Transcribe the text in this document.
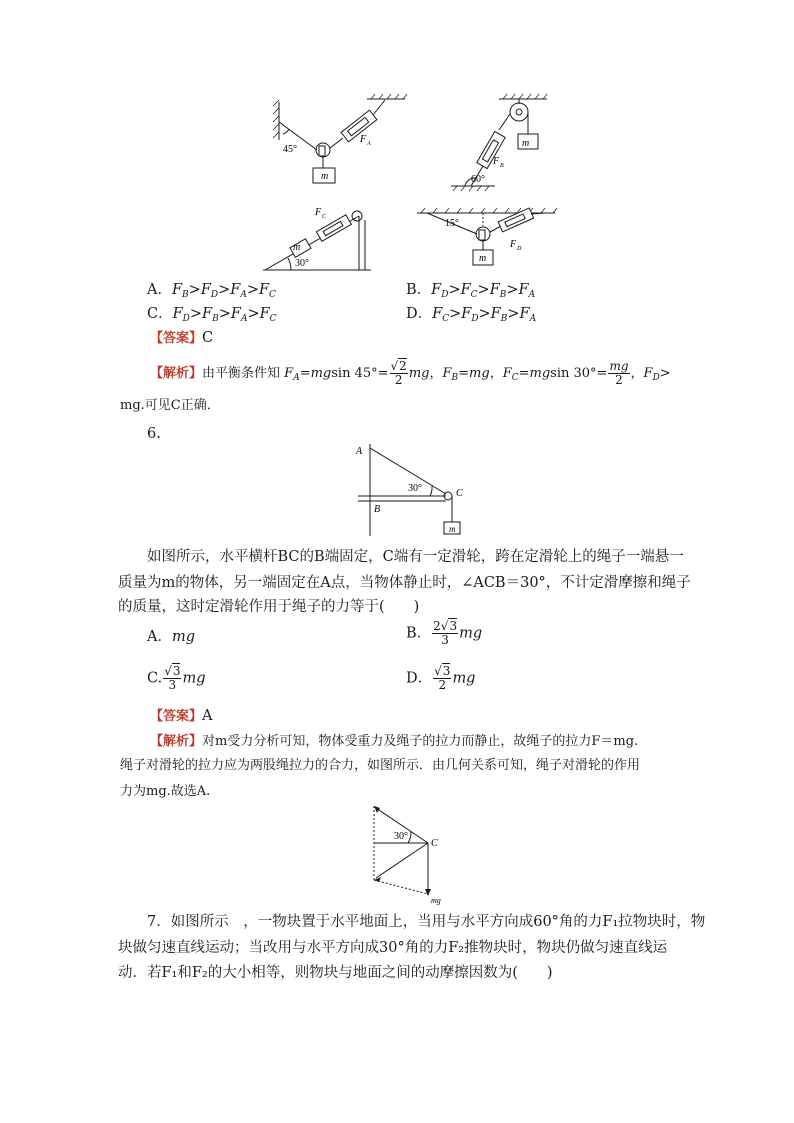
45°
m
F A	m
F B
60°
m
F C
30°
15°
m
F D
A．$F_B>F_D>F_A>F_C$	B．$F_D>F_C>F_B>F_A$
C．$F_D>F_B>F_A>F_C$	D．$F_C>F_D>F_B>F_A$
【答案】C
【解析】由平衡条件知 $F_A=mgsin$ $45^\circ= \frac{√2}{2}$ mg，$F_B=mg$，$F_C=mgsin$ $30^\circ= \frac{mg}{2}$ ，$F_D>$
mg.可见C正确．
6.
A
B
C
30°
m
如图所示，水平横杆BC的B端固定，C端有一定滑轮，跨在定滑轮上的绳子一端悬一
质量为m的物体，另一端固定在A点，当物体静止时，∠ACB＝30°，不计定滑摩擦和绳子
的质量，这时定滑轮作用于绳子的力等于(　　)
A．mg	B． $\frac{2√3}{3}$ mg
C. $\frac{√3}{3}$ mg	D． $\frac{√3}{2}$ mg
【答案】A
【解析】对m受力分析可知，物体受重力及绳子的拉力而静止，故绳子的拉力F＝mg.
绳子对滑轮的拉力应为两股绳拉力的合力，如图所示．由几何关系可知，绳子对滑轮的作用
力为mg.故选A.
30°
C
mg
7．如图所示　，一物块置于水平地面上，当用与水平方向成60°角的力F₁拉物块时，物
块做匀速直线运动；当改用与水平方向成30°角的力F₂推物块时，物块仍做匀速直线运
动．若F₁和F₂的大小相等，则物块与地面之间的动摩擦因数为(　　)
